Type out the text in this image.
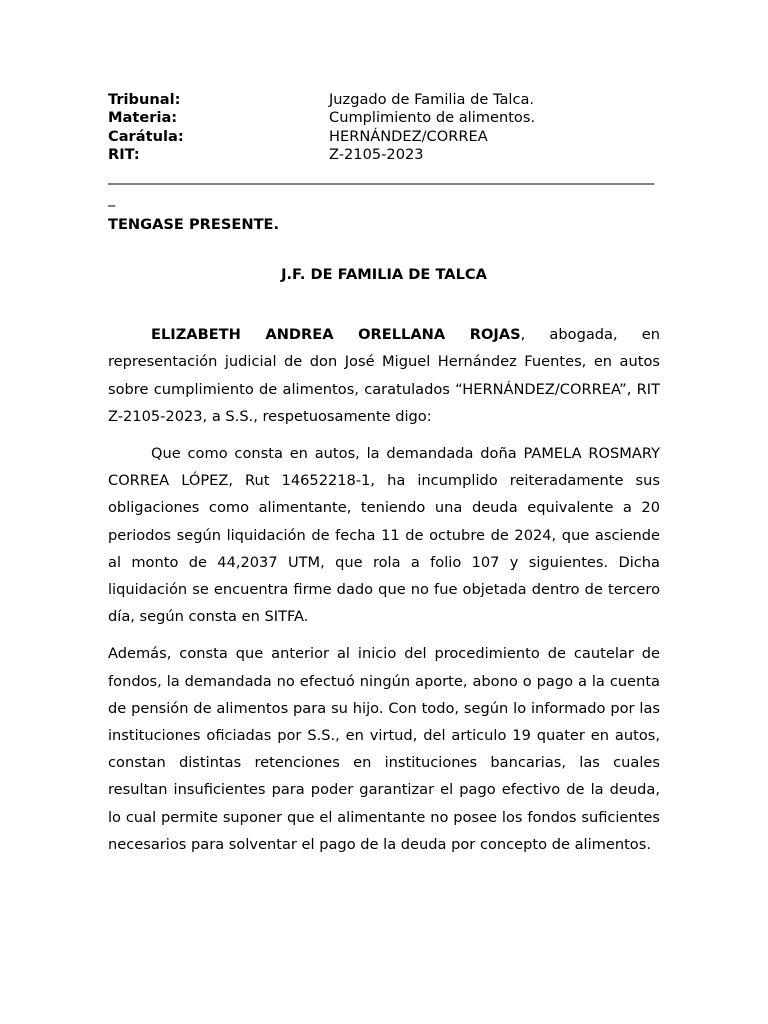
Tribunal:	Juzgado de Familia de Talca.
Materia:	Cumplimiento de alimentos.
Carátula:	HERNÁNDEZ/CORREA
RIT:	Z-2105-2023
_______________________________________________________________________________
TENGASE PRESENTE.
J.F. DE FAMILIA DE TALCA

ELIZABETH ANDREA ORELLANA ROJAS, abogada, en representación judicial de don José Miguel Hernández Fuentes, en autos sobre cumplimiento de alimentos, caratulados “HERNÁNDEZ/CORREA”, RIT Z-2105-2023, a S.S., respetuosamente digo:

Que como consta en autos, la demandada doña PAMELA ROSMARY CORREA LÓPEZ, Rut 14652218-1, ha incumplido reiteradamente sus obligaciones como alimentante, teniendo una deuda equivalente a 20 periodos según liquidación de fecha 11 de octubre de 2024, que asciende al monto de 44,2037 UTM, que rola a folio 107 y siguientes. Dicha liquidación se encuentra firme dado que no fue objetada dentro de tercero día, según consta en SITFA.

Además, consta que anterior al inicio del procedimiento de cautelar de fondos, la demandada no efectuó ningún aporte, abono o pago a la cuenta de pensión de alimentos para su hijo. Con todo, según lo informado por las instituciones oficiadas por S.S., en virtud, del articulo 19 quater en autos, constan distintas retenciones en instituciones bancarias, las cuales resultan insuficientes para poder garantizar el pago efectivo de la deuda, lo cual permite suponer que el alimentante no posee los fondos suficientes necesarios para solventar el pago de la deuda por concepto de alimentos.
